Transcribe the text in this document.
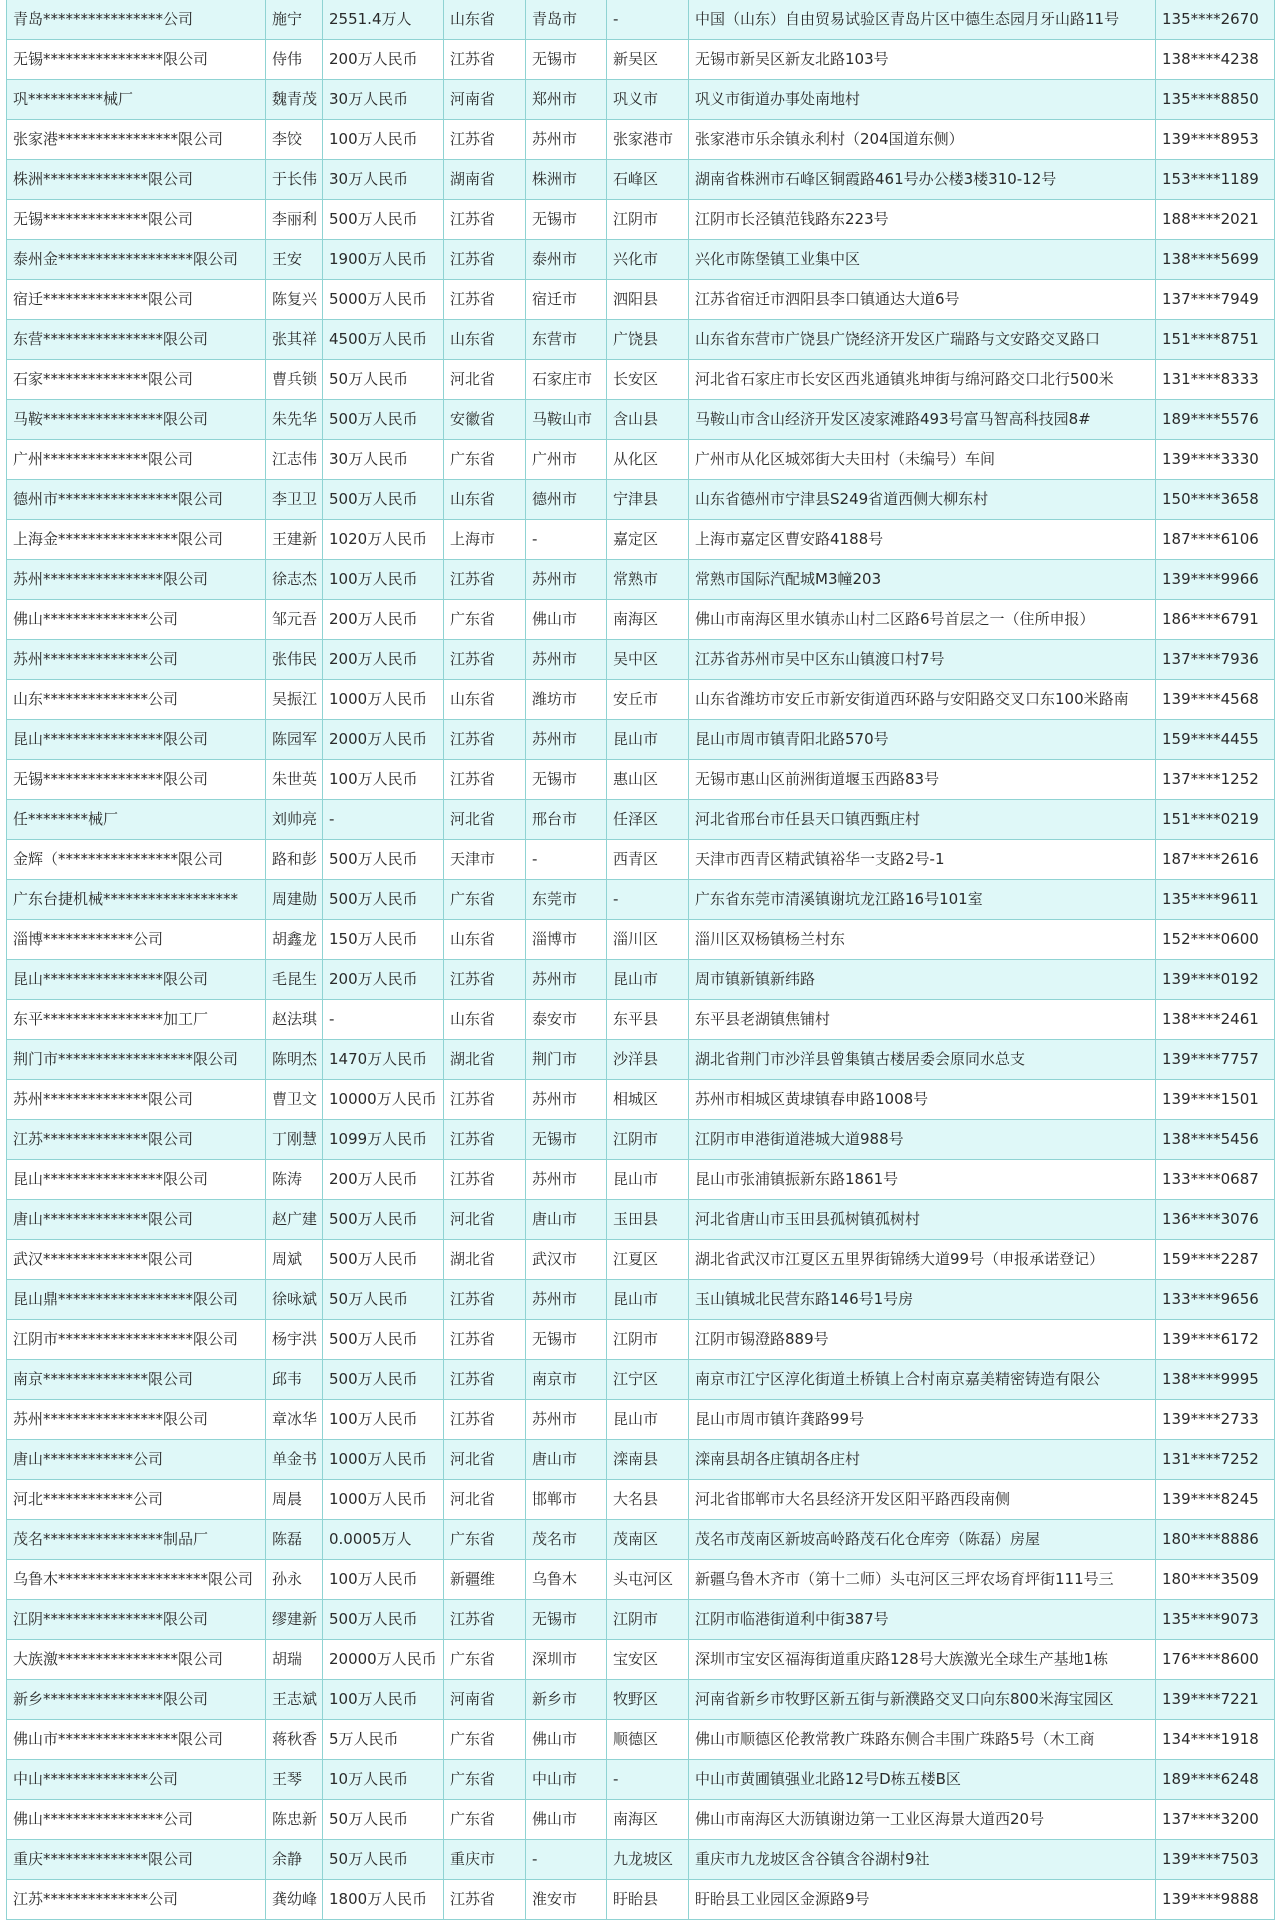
青岛****************公司	施宁	2551.4万人	山东省	青岛市	-	中国（山东）自由贸易试验区青岛片区中德生态园月牙山路11号	135****2670
无锡****************限公司	侍伟	200万人民币	江苏省	无锡市	新吴区	无锡市新吴区新友北路103号	138****4238
巩**********械厂	魏青茂	30万人民币	河南省	郑州市	巩义市	巩义市街道办事处南地村	135****8850
张家港****************限公司	李饺	100万人民币	江苏省	苏州市	张家港市	张家港市乐余镇永利村（204国道东侧）	139****8953
株洲**************限公司	于长伟	30万人民币	湖南省	株洲市	石峰区	湖南省株洲市石峰区铜霞路461号办公楼3楼310-12号	153****1189
无锡**************限公司	李丽利	500万人民币	江苏省	无锡市	江阴市	江阴市长泾镇范钱路东223号	188****2021
泰州金******************限公司	王安	1900万人民币	江苏省	泰州市	兴化市	兴化市陈堡镇工业集中区	138****5699
宿迁**************限公司	陈复兴	5000万人民币	江苏省	宿迁市	泗阳县	江苏省宿迁市泗阳县李口镇通达大道6号	137****7949
东营****************限公司	张其祥	4500万人民币	山东省	东营市	广饶县	山东省东营市广饶县广饶经济开发区广瑞路与文安路交叉路口	151****8751
石家**************限公司	曹兵锁	50万人民币	河北省	石家庄市	长安区	河北省石家庄市长安区西兆通镇兆坤街与绵河路交口北行500米	131****8333
马鞍****************限公司	朱先华	500万人民币	安徽省	马鞍山市	含山县	马鞍山市含山经济开发区凌家滩路493号富马智高科技园8#	189****5576
广州**************限公司	江志伟	30万人民币	广东省	广州市	从化区	广州市从化区城郊街大夫田村（未编号）车间	139****3330
德州市****************限公司	李卫卫	500万人民币	山东省	德州市	宁津县	山东省德州市宁津县S249省道西侧大柳东村	150****3658
上海金****************限公司	王建新	1020万人民币	上海市	-	嘉定区	上海市嘉定区曹安路4188号	187****6106
苏州****************限公司	徐志杰	100万人民币	江苏省	苏州市	常熟市	常熟市国际汽配城M3幢203	139****9966
佛山**************公司	邹元吾	200万人民币	广东省	佛山市	南海区	佛山市南海区里水镇赤山村二区路6号首层之一（住所申报）	186****6791
苏州**************公司	张伟民	200万人民币	江苏省	苏州市	吴中区	江苏省苏州市吴中区东山镇渡口村7号	137****7936
山东**************公司	吴振江	1000万人民币	山东省	潍坊市	安丘市	山东省潍坊市安丘市新安街道西环路与安阳路交叉口东100米路南	139****4568
昆山****************限公司	陈园军	2000万人民币	江苏省	苏州市	昆山市	昆山市周市镇青阳北路570号	159****4455
无锡****************限公司	朱世英	100万人民币	江苏省	无锡市	惠山区	无锡市惠山区前洲街道堰玉西路83号	137****1252
任********械厂	刘帅亮	-	河北省	邢台市	任泽区	河北省邢台市任县天口镇西甄庄村	151****0219
金辉（****************限公司	路和彭	500万人民币	天津市	-	西青区	天津市西青区精武镇裕华一支路2号-1	187****2616
广东台捷机械******************	周建勋	500万人民币	广东省	东莞市	-	广东省东莞市清溪镇谢坑龙江路16号101室	135****9611
淄博************公司	胡鑫龙	150万人民币	山东省	淄博市	淄川区	淄川区双杨镇杨兰村东	152****0600
昆山****************限公司	毛昆生	200万人民币	江苏省	苏州市	昆山市	周市镇新镇新纬路	139****0192
东平****************加工厂	赵法琪	-	山东省	泰安市	东平县	东平县老湖镇焦铺村	138****2461
荆门市******************限公司	陈明杰	1470万人民币	湖北省	荆门市	沙洋县	湖北省荆门市沙洋县曾集镇古楼居委会原同水总支	139****7757
苏州**************限公司	曹卫文	10000万人民币	江苏省	苏州市	相城区	苏州市相城区黄埭镇春申路1008号	139****1501
江苏**************限公司	丁刚慧	1099万人民币	江苏省	无锡市	江阴市	江阴市申港街道港城大道988号	138****5456
昆山****************限公司	陈涛	200万人民币	江苏省	苏州市	昆山市	昆山市张浦镇振新东路1861号	133****0687
唐山**************限公司	赵广建	500万人民币	河北省	唐山市	玉田县	河北省唐山市玉田县孤树镇孤树村	136****3076
武汉**************限公司	周斌	500万人民币	湖北省	武汉市	江夏区	湖北省武汉市江夏区五里界街锦绣大道99号（申报承诺登记）	159****2287
昆山鼎******************限公司	徐咏斌	50万人民币	江苏省	苏州市	昆山市	玉山镇城北民营东路146号1号房	133****9656
江阴市******************限公司	杨宇洪	500万人民币	江苏省	无锡市	江阴市	江阴市锡澄路889号	139****6172
南京**************限公司	邱韦	500万人民币	江苏省	南京市	江宁区	南京市江宁区淳化街道土桥镇上合村南京嘉美精密铸造有限公	138****9995
苏州****************限公司	章冰华	100万人民币	江苏省	苏州市	昆山市	昆山市周市镇许龚路99号	139****2733
唐山************公司	单金书	1000万人民币	河北省	唐山市	滦南县	滦南县胡各庄镇胡各庄村	131****7252
河北************公司	周晨	1000万人民币	河北省	邯郸市	大名县	河北省邯郸市大名县经济开发区阳平路西段南侧	139****8245
茂名****************制品厂	陈磊	0.0005万人	广东省	茂名市	茂南区	茂名市茂南区新坡高岭路茂石化仓库旁（陈磊）房屋	180****8886
乌鲁木********************限公司	孙永	100万人民币	新疆维	乌鲁木	头屯河区	新疆乌鲁木齐市（第十二师）头屯河区三坪农场育坪街111号三	180****3509
江阴****************限公司	缪建新	500万人民币	江苏省	无锡市	江阴市	江阴市临港街道利中街387号	135****9073
大族激****************限公司	胡瑞	20000万人民币	广东省	深圳市	宝安区	深圳市宝安区福海街道重庆路128号大族激光全球生产基地1栋	176****8600
新乡****************限公司	王志斌	100万人民币	河南省	新乡市	牧野区	河南省新乡市牧野区新五街与新濮路交叉口向东800米海宝园区	139****7221
佛山市****************限公司	蒋秋香	5万人民币	广东省	佛山市	顺德区	佛山市顺德区伦教常教广珠路东侧合丰围广珠路5号（木工商	134****1918
中山**************公司	王琴	10万人民币	广东省	中山市	-	中山市黄圃镇强业北路12号D栋五楼B区	189****6248
佛山****************公司	陈忠新	50万人民币	广东省	佛山市	南海区	佛山市南海区大沥镇谢边第一工业区海景大道西20号	137****3200
重庆**************限公司	余静	50万人民币	重庆市	-	九龙坡区	重庆市九龙坡区含谷镇含谷湖村9社	139****7503
江苏**************公司	龚幼峰	1800万人民币	江苏省	淮安市	盱眙县	盱眙县工业园区金源路9号	139****9888
